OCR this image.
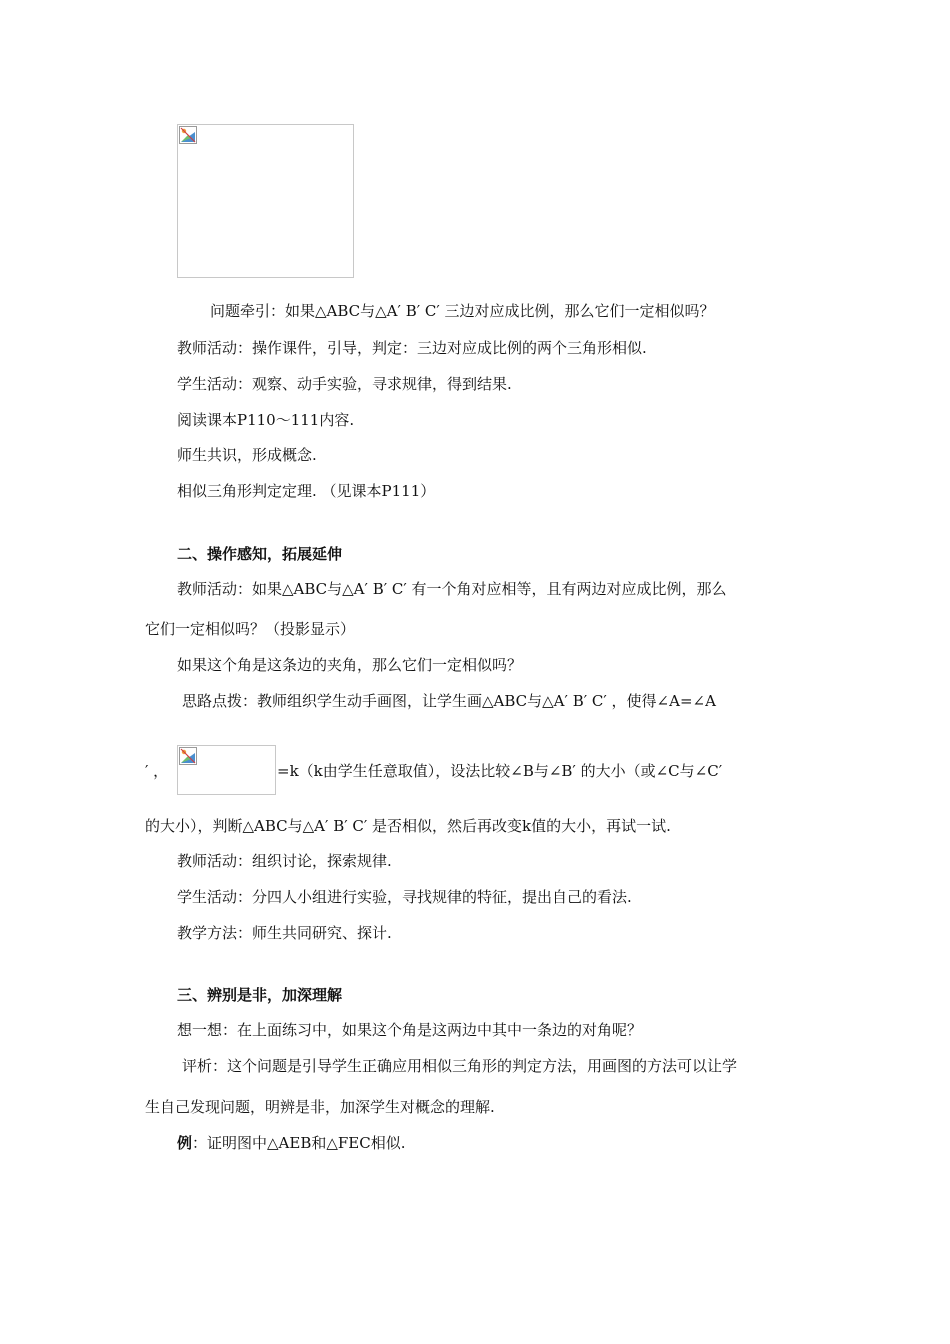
问题牵引：如果△ABC与△A′ B′ C′ 三边对应成比例，那么它们一定相似吗？
教师活动：操作课件，引导，判定：三边对应成比例的两个三角形相似.
学生活动：观察、动手实验，寻求规律，得到结果.
阅读课本P110～111内容.
师生共识，形成概念.
相似三角形判定定理. （见课本P111）
二、操作感知，拓展延伸
教师活动：如果△ABC与△A′ B′ C′ 有一个角对应相等，且有两边对应成比例，那么
它们一定相似吗？（投影显示）
如果这个角是这条边的夹角，那么它们一定相似吗？
思路点拨：教师组织学生动手画图，让学生画△ABC与△A′ B′ C′ ，使得∠A=∠A
′ ，	=k（k由学生任意取值），设法比较∠B与∠B′ 的大小（或∠C与∠C′
的大小），判断△ABC与△A′ B′ C′ 是否相似，然后再改变k值的大小，再试一试.
教师活动：组织讨论，探索规律.
学生活动：分四人小组进行实验，寻找规律的特征，提出自己的看法.
教学方法：师生共同研究、探计.
三、辨别是非，加深理解
想一想：在上面练习中，如果这个角是这两边中其中一条边的对角呢？
评析：这个问题是引导学生正确应用相似三角形的判定方法，用画图的方法可以让学
生自己发现问题，明辨是非，加深学生对概念的理解.
例：证明图中△AEB和△FEC相似.
